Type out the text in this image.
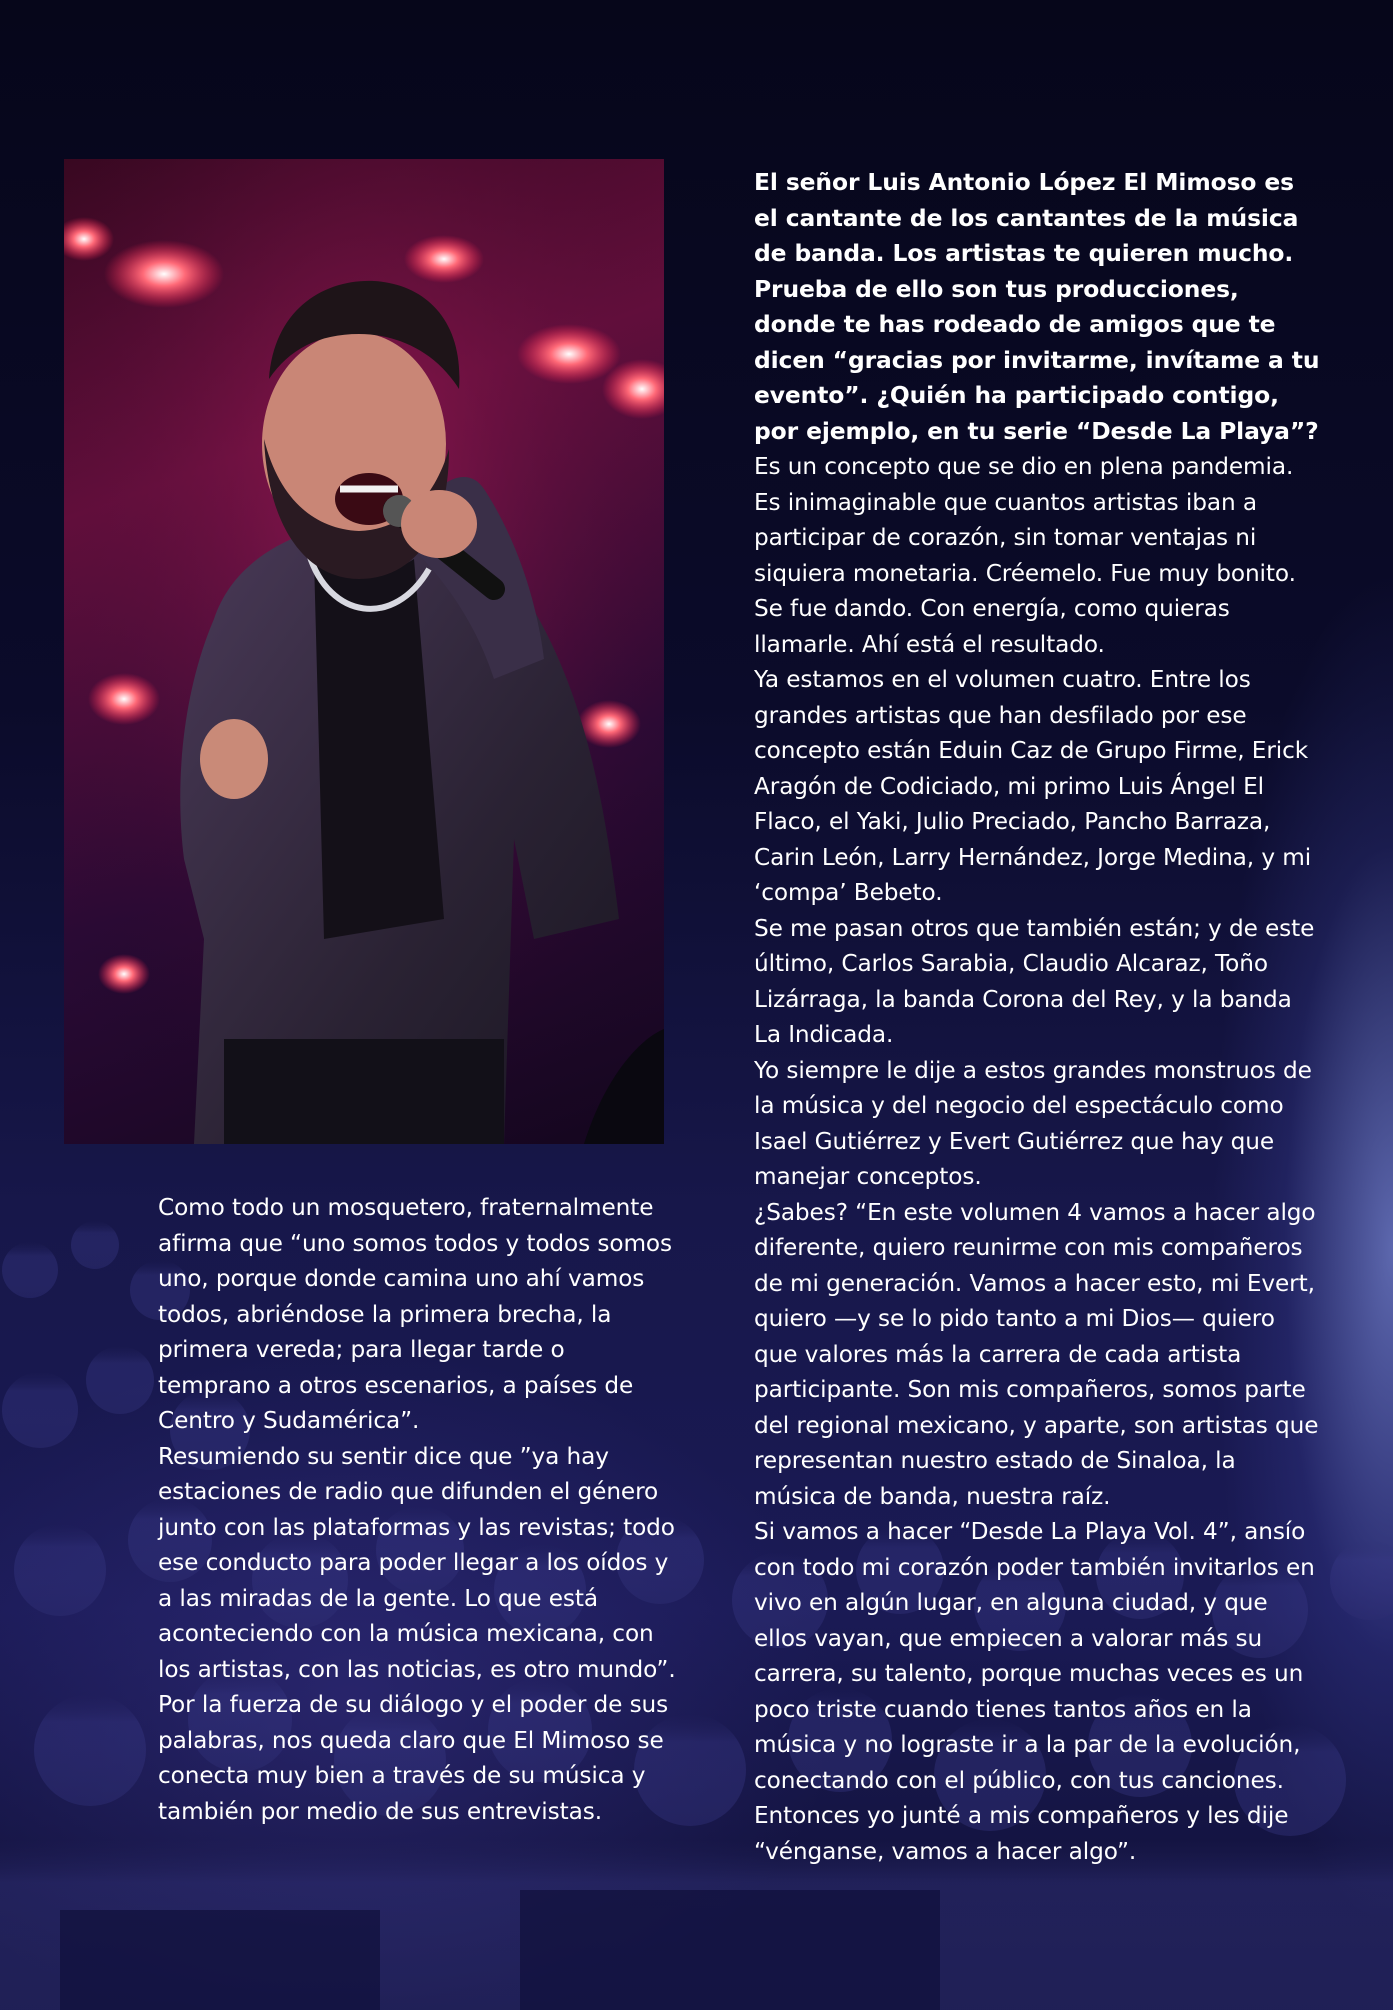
Como todo un mosquetero, fraternalmente afirma que “uno somos todos y todos somos uno, porque donde camina uno ahí vamos todos, abriéndose la primera brecha, la primera vereda; para llegar tarde o temprano a otros escenarios, a países de Centro y Sudamérica”.

Resumiendo su sentir dice que ”ya hay estaciones de radio que difunden el género junto con las plataformas y las revistas; todo ese conducto para poder llegar a los oídos y a las miradas de la gente. Lo que está aconteciendo con la música mexicana, con los artistas, con las noticias, es otro mundo”.

Por la fuerza de su diálogo y el poder de sus palabras, nos queda claro que El Mimoso se conecta muy bien a través de su música y también por medio de sus entrevistas.

El señor Luis Antonio López El Mimoso es el cantante de los cantantes de la música de banda. Los artistas te quieren mucho. Prueba de ello son tus producciones, donde te has rodeado de amigos que te dicen “gracias por invitarme, invítame a tu evento”. ¿Quién ha participado contigo, por ejemplo, en tu serie “Desde La Playa”?

Es un concepto que se dio en plena pandemia. Es inimaginable que cuantos artistas iban a participar de corazón, sin tomar ventajas ni siquiera monetaria. Créemelo. Fue muy bonito. Se fue dando. Con energía, como quieras llamarle. Ahí está el resultado.

Ya estamos en el volumen cuatro. Entre los grandes artistas que han desfilado por ese concepto están Eduin Caz de Grupo Firme, Erick Aragón de Codiciado, mi primo Luis Ángel El Flaco, el Yaki, Julio Preciado, Pancho Barraza, Carin León, Larry Hernández, Jorge Medina, y mi ‘compa’ Bebeto.

Se me pasan otros que también están; y de este último, Carlos Sarabia, Claudio Alcaraz, Toño Lizárraga, la banda Corona del Rey, y la banda La Indicada.

Yo siempre le dije a estos grandes monstruos de la música y del negocio del espectáculo como Isael Gutiérrez y Evert Gutiérrez que hay que manejar conceptos.

¿Sabes? “En este volumen 4 vamos a hacer algo diferente, quiero reunirme con mis compañeros de mi generación. Vamos a hacer esto, mi Evert, quiero —y se lo pido tanto a mi Dios— quiero que valores más la carrera de cada artista participante. Son mis compañeros, somos parte del regional mexicano, y aparte, son artistas que representan nuestro estado de Sinaloa, la música de banda, nuestra raíz.

Si vamos a hacer “Desde La Playa Vol. 4”, ansío con todo mi corazón poder también invitarlos en vivo en algún lugar, en alguna ciudad, y que ellos vayan, que empiecen a valorar más su carrera, su talento, porque muchas veces es un poco triste cuando tienes tantos años en la música y no lograste ir a la par de la evolución, conectando con el público, con tus canciones. Entonces yo junté a mis compañeros y les dije “vénganse, vamos a hacer algo”.
